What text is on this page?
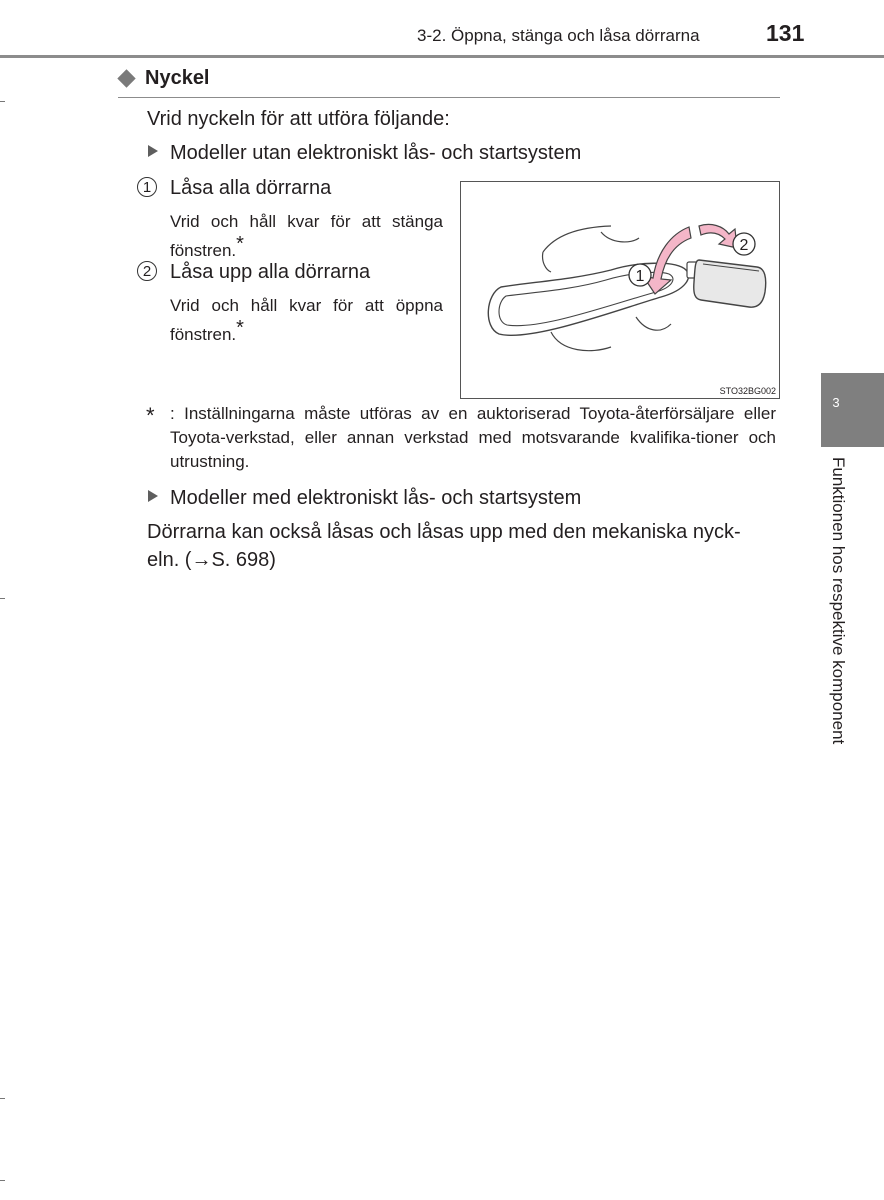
3-2. Öppna, stänga och låsa dörrarna	131
Nyckel
Vrid nyckeln för att utföra följande:
Modeller utan elektroniskt lås- och startsystem
1 Låsa alla dörrarna
Vrid och håll kvar för att stänga
fönstren.*
2 Låsa upp alla dörrarna
Vrid och håll kvar för att öppna
fönstren.*
1
2
STO32BG002
* : Inställningarna måste utföras av en auktoriserad Toyota-återförsäljare eller Toyota-verkstad, eller annan verkstad med motsvarande kvalifika-tioner och utrustning.
Modeller med elektroniskt lås- och startsystem
Dörrarna kan också låsas och låsas upp med den mekaniska nyck-
eln. (→S. 698)
3
Funktionen hos respektive komponent
